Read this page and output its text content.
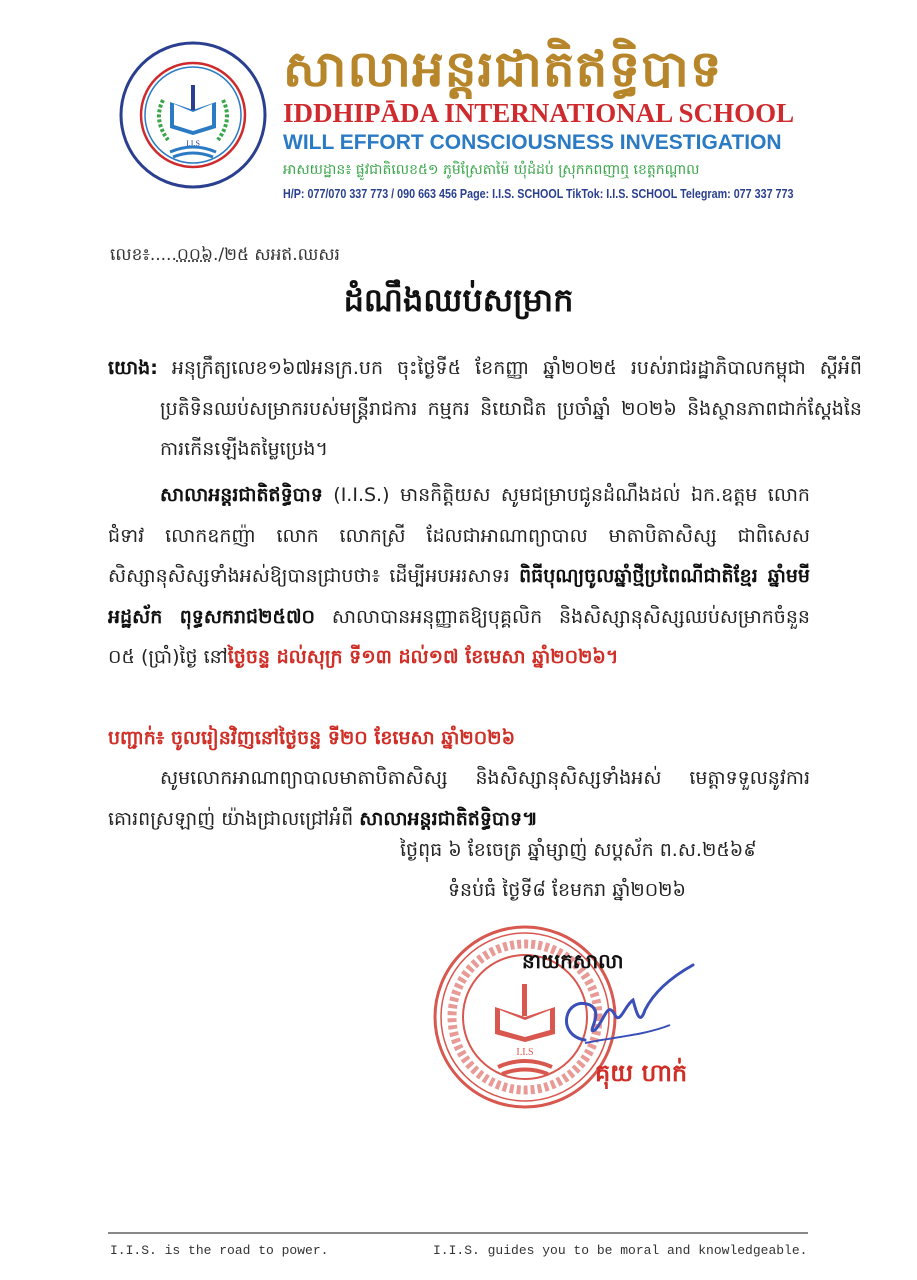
I.I.S
សាលាអន្តរជាតិឥទ្ធិបាទ
IDDHIPĀDA INTERNATIONAL SCHOOL
WILL EFFORT CONSCIOUSNESS INVESTIGATION
អាសយដ្ឋាន៖ ផ្លូវជាតិលេខ៥១ ភូមិស្រែតាម៉ៃ ឃុំដំដប់ ស្រុកកពញាឮ ខេត្តកណ្ដាល
H/P: 077/070 337 773 / 090 663 456 Page: I.I.S. SCHOOL TikTok: I.I.S. SCHOOL Telegram: 077 337 773
លេខ៖.....០០៦./២៥ សអឥ.ឈសរ
ដំណឹងឈប់សម្រាក
យោង: អនុក្រឹត្យលេខ១៦៧អនក្រ.បក ចុះថ្ងៃទី៥ ខែកញ្ញា ឆ្នាំ២០២៥ របស់រាជរដ្ឋាភិបាលកម្ពុជា ស្តីអំពីប្រតិទិនឈប់សម្រាករបស់មន្ត្រីរាជការ កម្មករ និយោជិត ប្រចាំឆ្នាំ ២០២៦ និងស្ថានភាពជាក់ស្តែងនៃការកើនឡើងតម្លៃប្រេង។
សាលាអន្តរជាតិឥទ្ធិបាទ (I.I.S.) មានកិត្តិយស សូមជម្រាបជូនដំណឹងដល់ ឯក.ឧត្តម លោកជំទាវ លោកឧកញ៉ា លោក លោកស្រី ដែលជាអាណាព្យាបាល មាតាបិតាសិស្ស ជាពិសេសសិស្សានុសិស្សទាំងអស់ឱ្យបានជ្រាបថា៖ ដើម្បីអបអរសាទរ ពិធីបុណ្យចូលឆ្នាំថ្មីប្រពៃណីជាតិខ្មែរ ឆ្នាំមមី អដ្ឋស័ក ពុទ្ធសករាជ២៥៧០ សាលាបានអនុញ្ញាតឱ្យបុគ្គលិក និងសិស្សានុសិស្សឈប់សម្រាកចំនួន ០៥ (ប្រាំ)ថ្ងៃ នៅថ្ងៃចន្ទ ដល់សុក្រ ទី១៣ ដល់១៧ ខែមេសា ឆ្នាំ២០២៦។
បញ្ជាក់៖ ចូលរៀនវិញនៅថ្ងៃចន្ទ ទី២០ ខែមេសា ឆ្នាំ២០២៦
សូមលោកអាណាព្យាបាលមាតាបិតាសិស្ស និងសិស្សានុសិស្សទាំងអស់ មេត្តាទទួលនូវការ គោរពស្រឡាញ់ យ៉ាងជ្រាលជ្រៅអំពី សាលាអន្តរជាតិឥទ្ធិបាទ៕
ថ្ងៃពុធ ៦ ខែចេត្រ ឆ្នាំម្សាញ់ សប្តស័ក ព.ស.២៥៦៩
ទំនប់ធំ ថ្ងៃទី៨ ខែមករា ឆ្នាំ២០២៦
I.I.S
នាយកសាលា
គុយ ហាក់
I.I.S. is the road to power.	I.I.S. guides you to be moral and knowledgeable.
